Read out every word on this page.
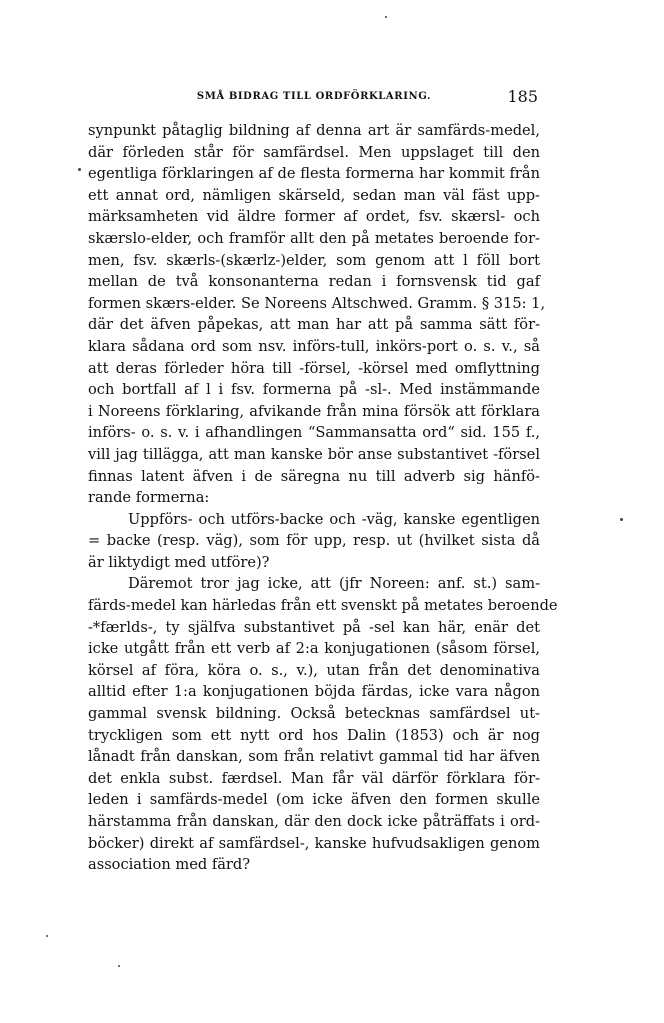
SMÅ BIDRAG TILL ORDFÖRKLARING.	185
synpunkt påtaglig bildning af denna art är samfärds-medel,
där förleden står för samfärdsel. Men uppslaget till den
egentliga förklaringen af de flesta formerna har kommit från
ett annat ord, nämligen skärseld, sedan man väl fäst upp-
märksamheten vid äldre former af ordet, fsv. skærsl- och
skærslo-elder, och framför allt den på metates beroende for-
men, fsv. skærls-(skærlz-)elder, som genom att l föll bort
mellan de två konsonanterna redan i fornsvensk tid gaf
formen skærs-elder. Se Noreens Altschwed. Gramm. § 315: 1,
där det äfven påpekas, att man har att på samma sätt för-
klara sådana ord som nsv. införs-tull, inkörs-port o. s. v., så
att deras förleder höra till -försel, -körsel med omflyttning
och bortfall af l i fsv. formerna på -sl-. Med instämmande
i Noreens förklaring, afvikande från mina försök att förklara
införs- o. s. v. i afhandlingen “Sammansatta ord“ sid. 155 f.,
vill jag tillägga, att man kanske bör anse substantivet -försel
finnas latent äfven i de säregna nu till adverb sig hänfö-
rande formerna:
Uppförs- och utförs-backe och -väg, kanske egentligen
= backe (resp. väg), som för upp, resp. ut (hvilket sista då
är liktydigt med utföre)?
Däremot tror jag icke, att (jfr Noreen: anf. st.) sam-
färds-medel kan härledas från ett svenskt på metates beroende
-*færlds-, ty själfva substantivet på -sel kan här, enär det
icke utgått från ett verb af 2:a konjugationen (såsom försel,
körsel af föra, köra o. s., v.), utan från det denominativa
alltid efter 1:a konjugationen böjda färdas, icke vara någon
gammal svensk bildning. Också betecknas samfärdsel ut-
tryckligen som ett nytt ord hos Dalin (1853) och är nog
lånadt från danskan, som från relativt gammal tid har äfven
det enkla subst. færdsel. Man får väl därför förklara för-
leden i samfärds-medel (om icke äfven den formen skulle
härstamma från danskan, där den dock icke påträffats i ord-
böcker) direkt af samfärdsel-, kanske hufvudsakligen genom
association med färd?
